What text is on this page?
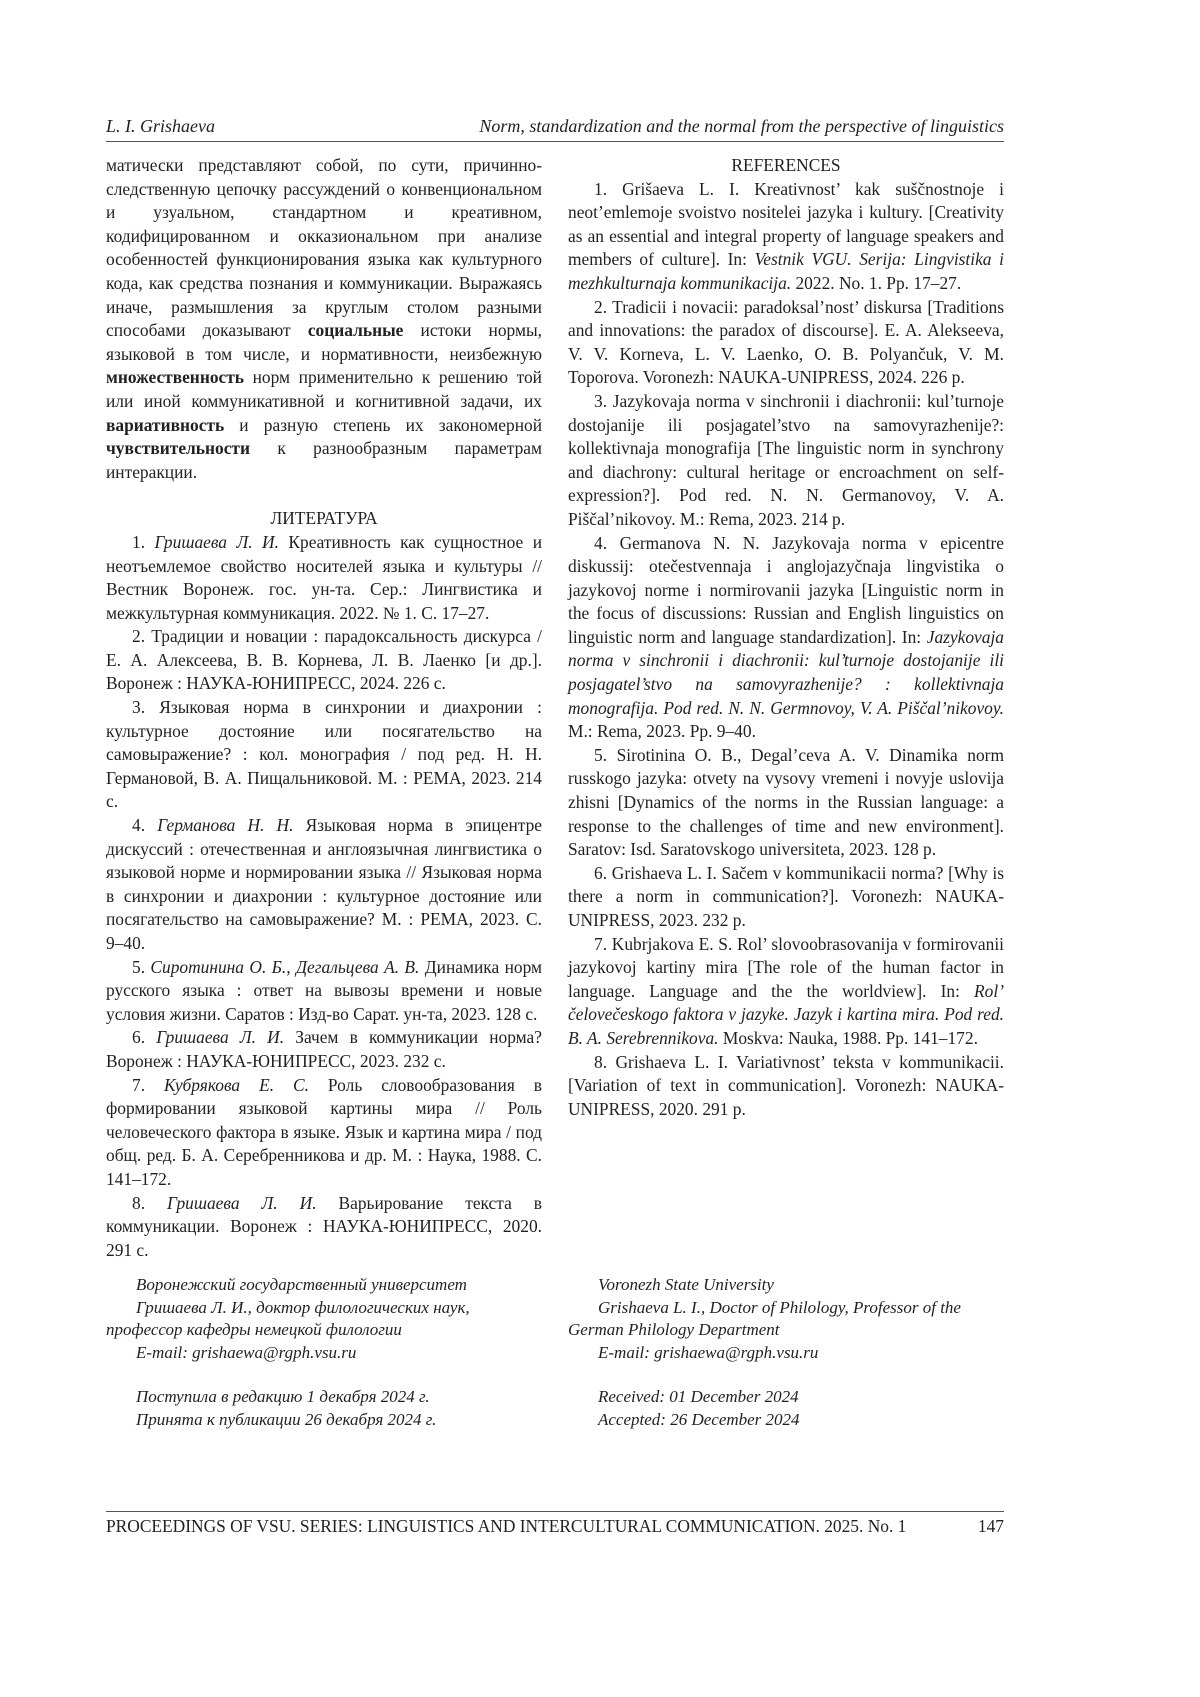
L. I. Grishaeva	Norm, standardization and the normal from the perspective of linguistics

матически представляют собой, по сути, причинно-следственную цепочку рассуждений о конвенциональном и узуальном, стандартном и креативном, кодифицированном и окказиональном при анализе особенностей функционирования языка как культурного кода, как средства познания и коммуникации. Выражаясь иначе, размышления за круглым столом разными способами доказывают социальные истоки нормы, языковой в том числе, и нормативности, неизбежную множественность норм применительно к решению той или иной коммуникативной и когнитивной задачи, их вариативность и разную степень их закономерной чувствительности к разнообразным параметрам интеракции.

ЛИТЕРАТУРА

1. Гришаева Л. И. Креативность как сущностное и неотъемлемое свойство носителей языка и культуры // Вестник Воронеж. гос. ун-та. Сер.: Лингвистика и межкультурная коммуникация. 2022. № 1. С. 17–27.

2. Традиции и новации : парадоксальность дискурса / Е. А. Алексеева, В. В. Корнева, Л. В. Лаенко [и др.]. Воронеж : НАУКА-ЮНИПРЕСС, 2024. 226 с.

3. Языковая норма в синхронии и диахронии : культурное достояние или посягательство на самовыражение? : кол. монография / под ред. Н. Н. Германовой, В. А. Пищальниковой. М. : РЕМА, 2023. 214 с.

4. Германова Н. Н. Языковая норма в эпицентре дискуссий : отечественная и англоязычная лингвистика о языковой норме и нормировании языка // Языковая норма в синхронии и диахронии : культурное достояние или посягательство на самовыражение? М. : РЕМА, 2023. С. 9–40.

5. Сиротинина О. Б., Дегальцева А. В. Динамика норм русского языка : ответ на вывозы времени и новые условия жизни. Саратов : Изд-во Сарат. ун-та, 2023. 128 с.

6. Гришаева Л. И. Зачем в коммуникации норма? Воронеж : НАУКА-ЮНИПРЕСС, 2023. 232 с.

7. Кубрякова Е. С. Роль словообразования в формировании языковой картины мира // Роль человеческого фактора в языке. Язык и картина мира / под общ. ред. Б. А. Серебренникова и др. М. : Наука, 1988. С. 141–172.

8. Гришаева Л. И. Варьирование текста в коммуникации. Воронеж : НАУКА-ЮНИПРЕСС, 2020. 291 с.

REFERENCES

1. Grišaeva L. I. Kreativnost’ kak suščnostnoje i neot’emlemoje svoistvo nositelei jazyka i kultury. [Creativity as an essential and integral property of language speakers and members of culture]. In: Vestnik VGU. Serija: Lingvistika i mezhkulturnaja kommunikacija. 2022. No. 1. Pp. 17–27.

2. Tradicii i novacii: paradoksal’nost’ diskursa [Traditions and innovations: the paradox of discourse]. E. A. Alekseeva, V. V. Korneva, L. V. Laenko, O. B. Polyančuk, V. M. Toporova. Voronezh: NAUKA-UNIPRESS, 2024. 226 p.

3. Jazykovaja norma v sinchronii i diachronii: kul’turnoje dostojanije ili posjagatel’stvo na samovyrazhenije?: kollektivnaja monografija [The linguistic norm in synchrony and diachrony: cultural heritage or encroachment on self-expression?]. Pod red. N. N. Germanovoy, V. A. Piščal’nikovoy. M.: Rema, 2023. 214 p.

4. Germanova N. N. Jazykovaja norma v epicentre diskussij: otečestvennaja i anglojazyčnaja lingvistika o jazykovoj norme i normirovanii jazyka [Linguistic norm in the focus of discussions: Russian and English linguistics on linguistic norm and language standardization]. In: Jazykovaja norma v sinchronii i diachronii: kul’turnoje dostojanije ili posjagatel’stvo na samovyrazhenije? : kollektivnaja monografija. Pod red. N. N. Germnovoy, V. A. Piščal’nikovoy. M.: Rema, 2023. Pp. 9–40.

5. Sirotinina O. B., Degal’ceva A. V. Dinamika norm russkogo jazyka: otvety na vysovy vremeni i novyje uslovija zhisni [Dynamics of the norms in the Russian language: a response to the challenges of time and new environment]. Saratov: Isd. Saratovskogo universiteta, 2023. 128 p.

6. Grishaeva L. I. Sačem v kommunikacii norma? [Why is there a norm in communication?]. Voronezh: NAUKA-UNIPRESS, 2023. 232 p.

7. Kubrjakova E. S. Rol’ slovoobrasovanija v formirovanii jazykovoj kartiny mira [The role of the human factor in language. Language and the the worldview]. In: Rol’ čelovečeskogo faktora v jazyke. Jazyk i kartina mira. Pod red. B. A. Serebrennikova. Moskva: Nauka, 1988. Pp. 141–172.

8. Grishaeva L. I. Variativnost’ teksta v kommunikacii. [Variation of text in communication]. Voronezh: NAUKA-UNIPRESS, 2020. 291 p.

Воронежский государственный университет
Гришаева Л. И., доктор филологических наук, профессор кафедры немецкой филологии
E-mail: grishaewa@rgph.vsu.ru
Поступила в редакцию 1 декабря 2024 г.
Принята к публикации 26 декабря 2024 г.
Voronezh State University
Grishaeva L. I., Doctor of Philology, Professor of the German Philology Department
E-mail: grishaewa@rgph.vsu.ru
Received: 01 December 2024
Accepted: 26 December 2024
PROCEEDINGS OF VSU. SERIES: LINGUISTICS AND INTERCULTURAL COMMUNICATION. 2025. No. 1	147
